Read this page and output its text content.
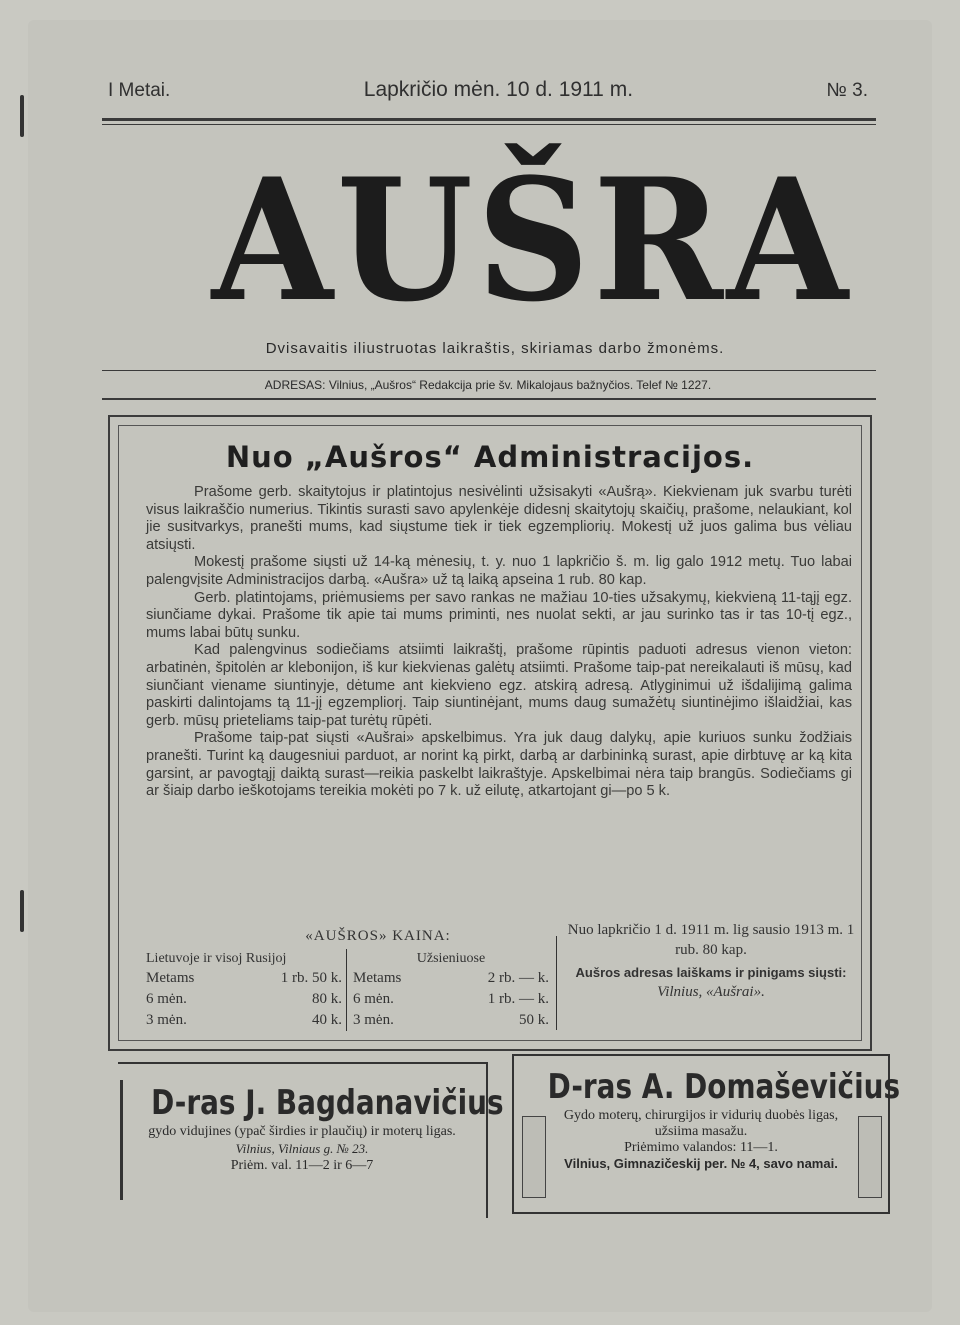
I Metai.	Lapkričio mėn. 10 d. 1911 m.	№ 3.
AUŠRA
Dvisavaitis iliustruotas laikraštis, skiriamas darbo žmonėms.
ADRESAS: Vilnius, „Aušros“ Redakcija prie šv. Mikalojaus bažnyčios. Telef № 1227.
Nuo „Aušros“ Administracijos.

Prašome gerb. skaitytojus ir platintojus nesivėlinti užsisakyti «Aušrą». Kiekvienam juk svarbu turėti visus laikraščio numerius. Tikintis surasti savo apylenkėje didesnį skaitytojų skaičių, prašome, nelaukiant, kol jie susitvarkys, pranešti mums, kad siųstume tiek ir tiek egzempliorių. Mokestį už juos galima bus vėliau atsiųsti.

Mokestį prašome siųsti už 14-ką mėnesių, t. y. nuo 1 lapkričio š. m. lig galo 1912 metų. Tuo labai palengvįsite Administracijos darbą. «Aušra» už tą laiką apseina 1 rub. 80 kap.

Gerb. platintojams, priėmusiems per savo rankas ne mažiau 10-ties užsakymų, kiekvieną 11-tąjį egz. siunčiame dykai. Prašome tik apie tai mums priminti, nes nuolat sekti, ar jau surinko tas ir tas 10-tį egz., mums labai būtų sunku.

Kad palengvinus sodiečiams atsiimti laikraštį, prašome rūpintis paduoti adresus vienon vieton: arbatinėn, špitolėn ar klebonijon, iš kur kiekvienas galėtų atsiimti. Prašome taip-pat nereikalauti iš mūsų, kad siunčiant viename siuntinyje, dėtume ant kiekvieno egz. atskirą adresą. Atlyginimui už išdalijimą galima paskirti dalintojams tą 11-jį egzempliorį. Taip siuntinėjant, mums daug sumažėtų siuntinėjimo išlaidžiai, kas gerb. mūsų prieteliams taip-pat turėtų rūpėti.

Prašome taip-pat siųsti «Aušrai» apskelbimus. Yra juk daug dalykų, apie kuriuos sunku žodžiais pranešti. Turint ką daugesniui parduot, ar norint ką pirkt, darbą ar darbininką surast, apie dirbtuvę ar ką kita garsint, ar pavogtąjį daiktą surast—reikia paskelbt laikraštyje. Apskelbimai nėra taip brangūs. Sodiečiams gi ar šiaip darbo ieškotojams tereikia mokėti po 7 k. už eilutę, atkartojant gi—po 5 k.

«AUŠROS» KAINA:
Lietuvoje ir visoj Rusijoj
Metams	1 rb. 50 k.
6 mėn.	80 k.
3 mėn.	40 k.
Užsieniuose
Metams	2 rb. — k.
6 mėn.	1 rb. — k.
3 mėn.	50 k.
Nuo lapkričio 1 d. 1911 m. lig sausio 1913 m. 1 rub. 80 kap.
Aušros adresas laiškams ir pinigams siųsti:
Vilnius, «Aušrai».
D-ras J. Bagdanavičius
gydo vidujines (ypač širdies ir plaučių) ir moterų ligas.
Vilnius, Vilniaus g. № 23.
Priėm. val. 11—2 ir 6—7
D-ras A. Domaševičius
Gydo moterų, chirurgijos ir vidurių duobės ligas, užsiima masažu.
Priėmimo valandos: 11—1.
Vilnius, Gimnazičeskij per. № 4, savo namai.
